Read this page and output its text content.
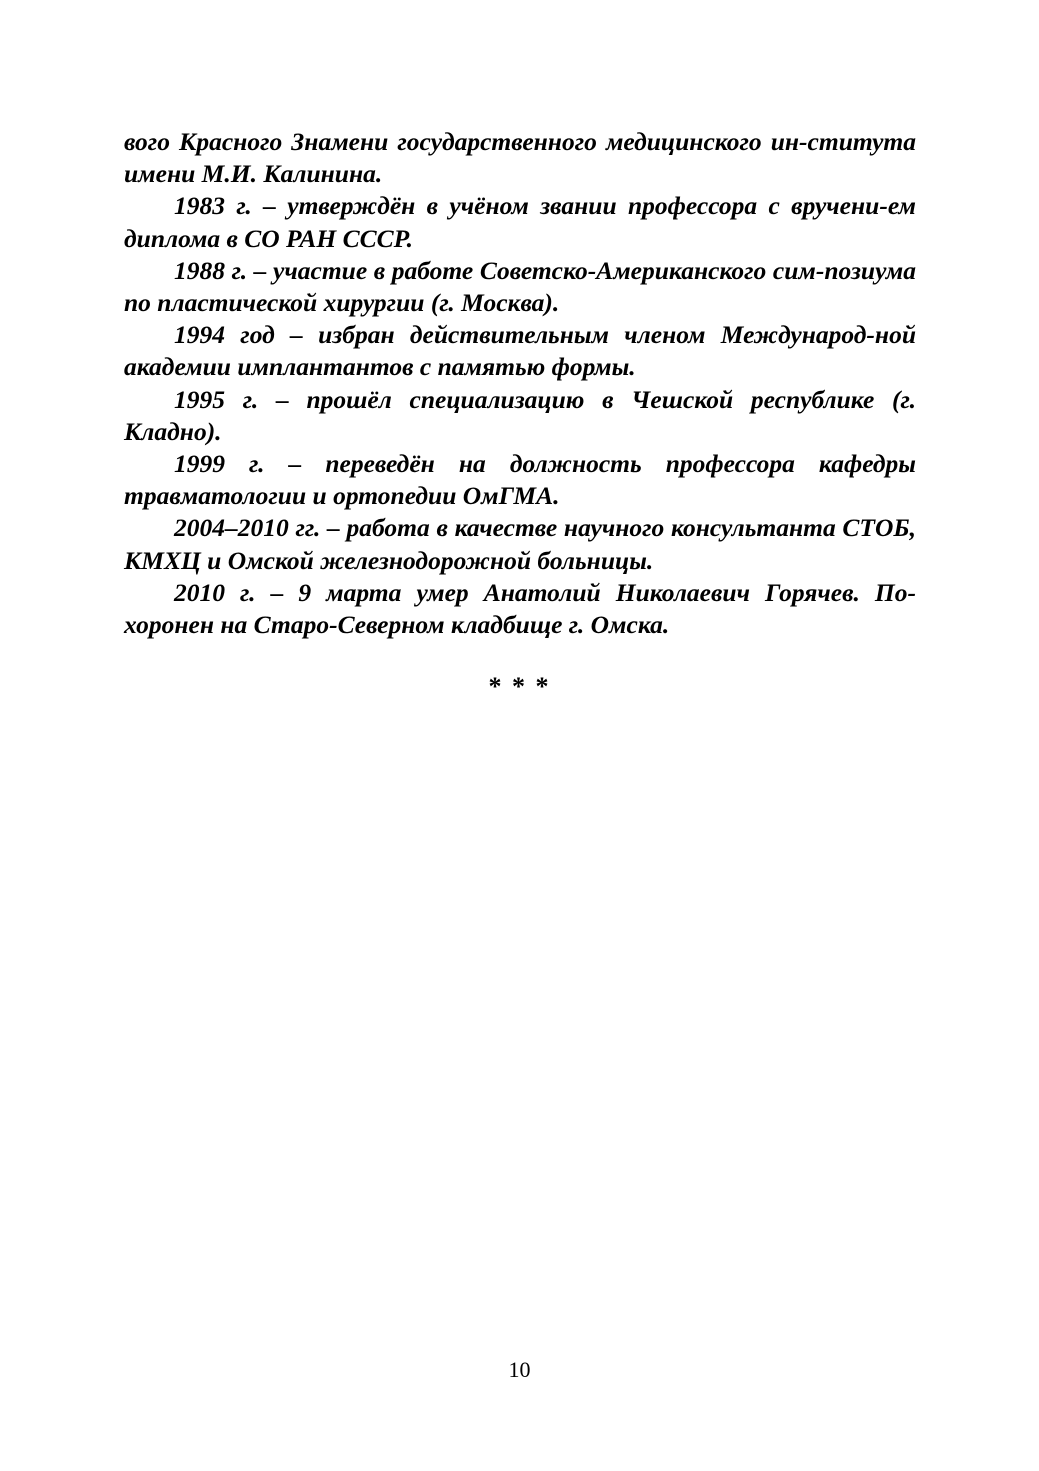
вого Красного Знамени государственного медицинского ин-ститута имени М.И. Калинина.

1983 г. – утверждён в учёном звании профессора с вручени-ем диплома в СО РАН СССР.

1988 г. – участие в работе Советско-Американского сим-позиума по пластической хирургии (г. Москва).

1994 год – избран действительным членом Международ-ной академии имплантантов с памятью формы.

1995 г. – прошёл специализацию в Чешской республике (г. Кладно).

1999 г. – переведён на должность профессора кафедры травматологии и ортопедии ОмГМА.

2004–2010 гг. – работа в качестве научного консультанта СТОБ, КМХЦ и Омской железнодорожной больницы.

2010 г. – 9 марта умер Анатолий Николаевич Горячев. По-хоронен на Старо-Северном кладбище г. Омска.

* * *
10
